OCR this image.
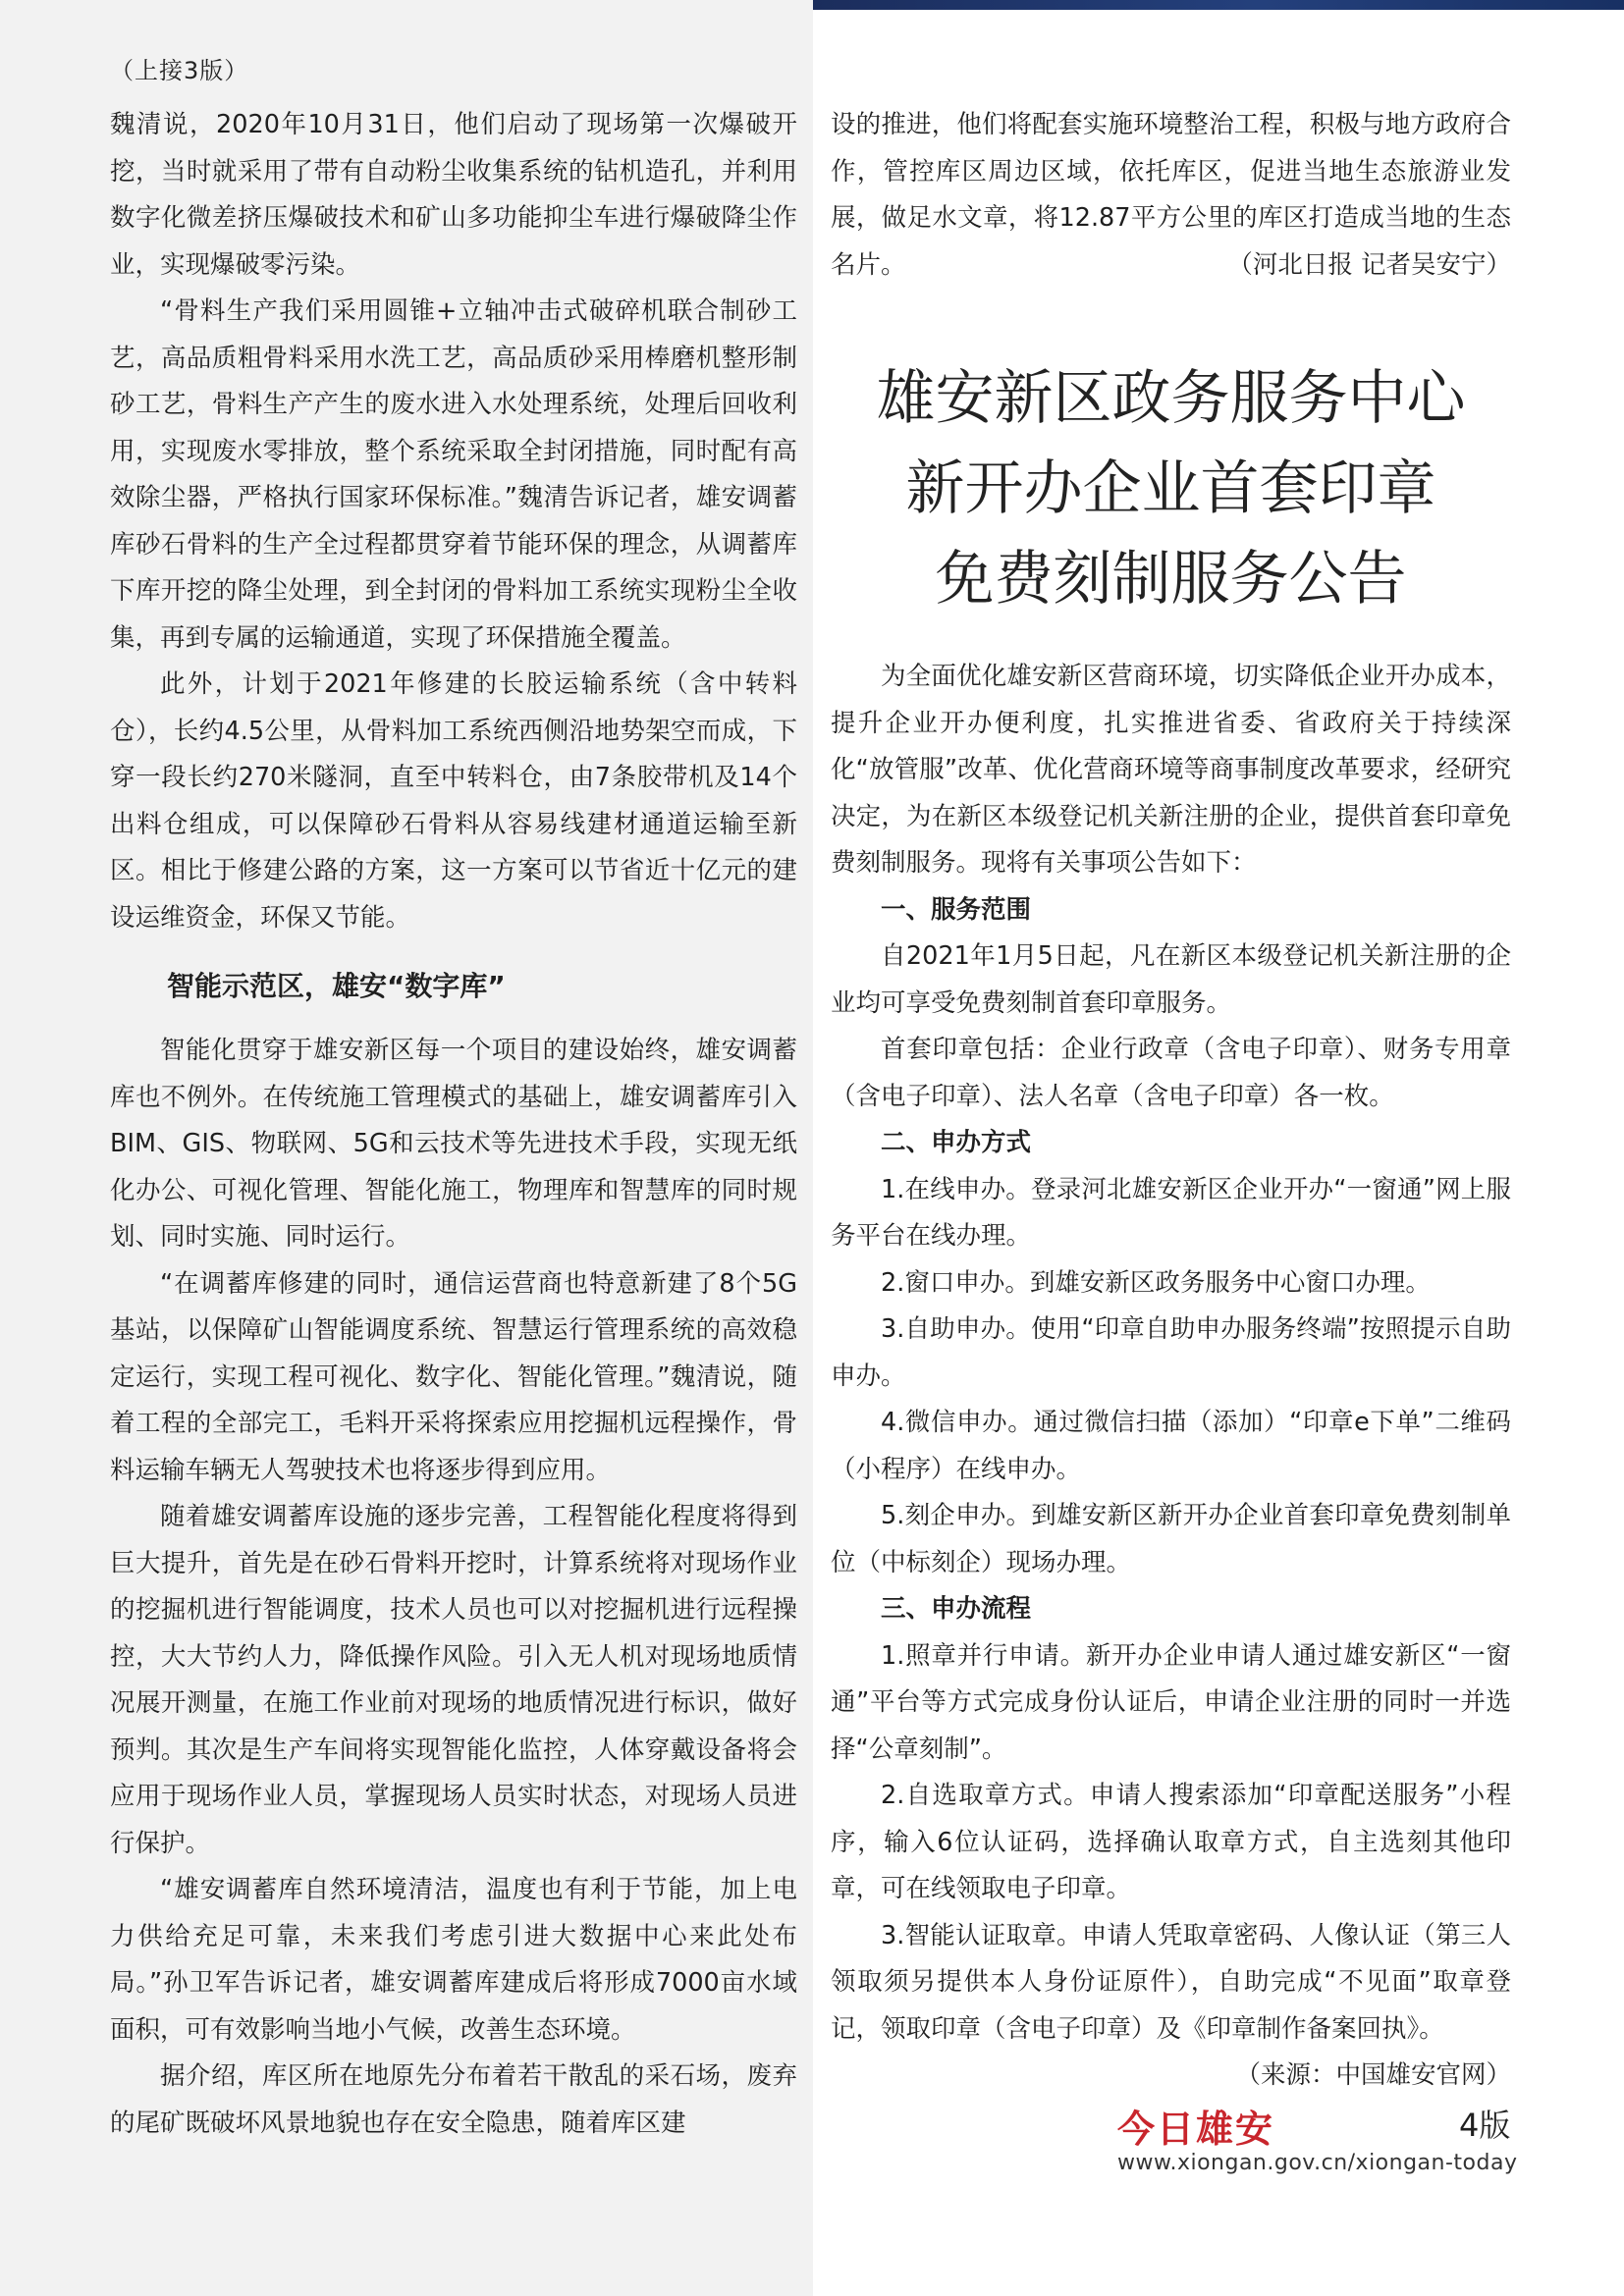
（上接3版）

魏清说，2020年10月31日，他们启动了现场第一次爆破开挖，当时就采用了带有自动粉尘收集系统的钻机造孔，并利用数字化微差挤压爆破技术和矿山多功能抑尘车进行爆破降尘作业，实现爆破零污染。

“骨料生产我们采用圆锥+立轴冲击式破碎机联合制砂工艺，高品质粗骨料采用水洗工艺，高品质砂采用棒磨机整形制砂工艺，骨料生产产生的废水进入水处理系统，处理后回收利用，实现废水零排放，整个系统采取全封闭措施，同时配有高效除尘器，严格执行国家环保标准。”魏清告诉记者，雄安调蓄库砂石骨料的生产全过程都贯穿着节能环保的理念，从调蓄库下库开挖的降尘处理，到全封闭的骨料加工系统实现粉尘全收集，再到专属的运输通道，实现了环保措施全覆盖。

此外，计划于2021年修建的长胶运输系统（含中转料仓），长约4.5公里，从骨料加工系统西侧沿地势架空而成，下穿一段长约270米隧洞，直至中转料仓，由7条胶带机及14个出料仓组成，可以保障砂石骨料从容易线建材通道运输至新区。相比于修建公路的方案，这一方案可以节省近十亿元的建设运维资金，环保又节能。

智能示范区，雄安“数字库”

智能化贯穿于雄安新区每一个项目的建设始终，雄安调蓄库也不例外。在传统施工管理模式的基础上，雄安调蓄库引入BIM、GIS、物联网、5G和云技术等先进技术手段，实现无纸化办公、可视化管理、智能化施工，物理库和智慧库的同时规划、同时实施、同时运行。

“在调蓄库修建的同时，通信运营商也特意新建了8个5G基站，以保障矿山智能调度系统、智慧运行管理系统的高效稳定运行，实现工程可视化、数字化、智能化管理。”魏清说，随着工程的全部完工，毛料开采将探索应用挖掘机远程操作，骨料运输车辆无人驾驶技术也将逐步得到应用。

随着雄安调蓄库设施的逐步完善，工程智能化程度将得到巨大提升，首先是在砂石骨料开挖时，计算系统将对现场作业的挖掘机进行智能调度，技术人员也可以对挖掘机进行远程操控，大大节约人力，降低操作风险。引入无人机对现场地质情况展开测量，在施工作业前对现场的地质情况进行标识，做好预判。其次是生产车间将实现智能化监控，人体穿戴设备将会应用于现场作业人员，掌握现场人员实时状态，对现场人员进行保护。

“雄安调蓄库自然环境清洁，温度也有利于节能，加上电力供给充足可靠，未来我们考虑引进大数据中心来此处布局。”孙卫军告诉记者，雄安调蓄库建成后将形成7000亩水域面积，可有效影响当地小气候，改善生态环境。

据介绍，库区所在地原先分布着若干散乱的采石场，废弃的尾矿既破坏风景地貌也存在安全隐患，随着库区建

设的推进，他们将配套实施环境整治工程，积极与地方政府合作，管控库区周边区域，依托库区，促进当地生态旅游业发展，做足水文章，将12.87平方公里的库区打造成当地的生态名片。	（河北日报 记者吴安宁）

雄安新区政务服务中心
新开办企业首套印章
免费刻制服务公告

为全面优化雄安新区营商环境，切实降低企业开办成本，提升企业开办便利度，扎实推进省委、省政府关于持续深化“放管服”改革、优化营商环境等商事制度改革要求，经研究决定，为在新区本级登记机关新注册的企业，提供首套印章免费刻制服务。现将有关事项公告如下：

一、服务范围

自2021年1月5日起，凡在新区本级登记机关新注册的企业均可享受免费刻制首套印章服务。

首套印章包括：企业行政章（含电子印章）、财务专用章（含电子印章）、法人名章（含电子印章）各一枚。

二、申办方式

1.在线申办。登录河北雄安新区企业开办“一窗通”网上服务平台在线办理。

2.窗口申办。到雄安新区政务服务中心窗口办理。

3.自助申办。使用“印章自助申办服务终端”按照提示自助申办。

4.微信申办。通过微信扫描（添加）“印章e下单”二维码（小程序）在线申办。

5.刻企申办。到雄安新区新开办企业首套印章免费刻制单位（中标刻企）现场办理。

三、申办流程

1.照章并行申请。新开办企业申请人通过雄安新区“一窗通”平台等方式完成身份认证后，申请企业注册的同时一并选择“公章刻制”。

2.自选取章方式。申请人搜索添加“印章配送服务”小程序，输入6位认证码，选择确认取章方式，自主选刻其他印章，可在线领取电子印章。

3.智能认证取章。申请人凭取章密码、人像认证（第三人领取须另提供本人身份证原件），自助完成“不见面”取章登记，领取印章（含电子印章）及《印章制作备案回执》。
（来源：中国雄安官网）

今日雄安	4版
www.xiongan.gov.cn/xiongan-today
